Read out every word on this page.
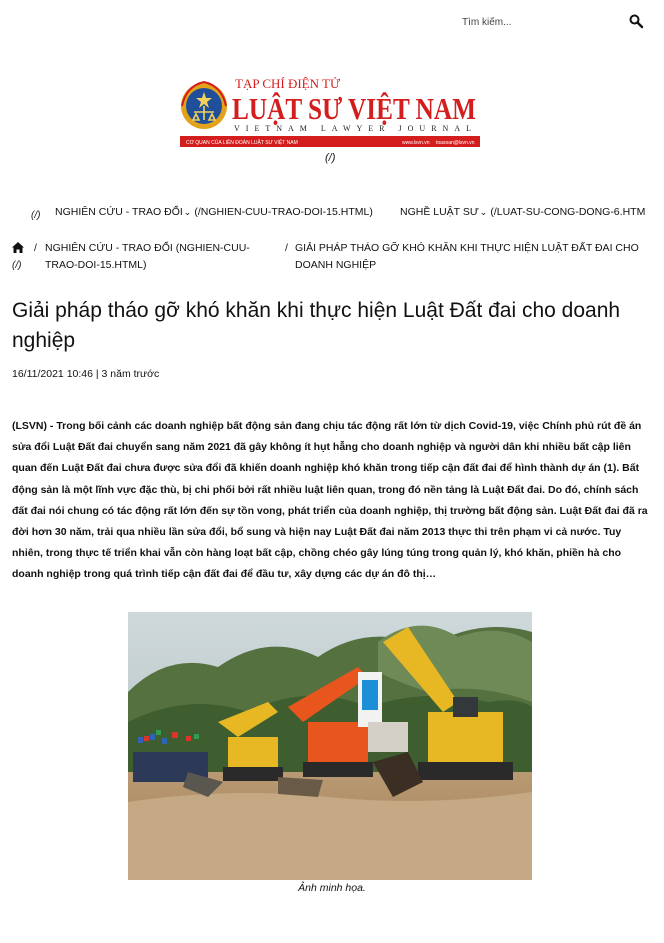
Tìm kiếm...
TẠP CHÍ ĐIỆN TỬ
LUẬT SƯ VIỆT NAM
VIETNAM LAWYER JOURNAL
CƠ QUAN CỦA LIÊN ĐOÀN LUẬT SƯ VIỆT NAM	www.lsvn.vn toasoan@lsvn.vn
(/)
(/) NGHIÊN CỨU - TRAO ĐỔI⌄ (/NGHIEN-CUU-TRAO-DOI-15.HTML)	NGHỀ LUẬT SƯ⌄ (/LUAT-SU-CONG-DONG-6.HTM
(/)
/ NGHIÊN CỨU - TRAO ĐỔI (NGHIEN-CUU-TRAO-DOI-15.HTML)
/ GIẢI PHÁP THÁO GỠ KHÓ KHĂN KHI THỰC HIỆN LUẬT ĐẤT ĐAI CHO DOANH NGHIỆP
Giải pháp tháo gỡ khó khăn khi thực hiện Luật Đất đai cho doanh nghiệp
16/11/2021 10:46 | 3 năm trước

(LSVN) - Trong bối cảnh các doanh nghiệp bất động sản đang chịu tác động rất lớn từ dịch Covid-19, việc Chính phủ rút đề án sửa đổi Luật Đất đai chuyển sang năm 2021 đã gây không ít hụt hẫng cho doanh nghiệp và người dân khi nhiều bất cập liên quan đến Luật Đất đai chưa được sửa đổi đã khiến doanh nghiệp khó khăn trong tiếp cận đất đai để hình thành dự án (1). Bất động sản là một lĩnh vực đặc thù, bị chi phối bởi rất nhiều luật liên quan, trong đó nền tảng là Luật Đất đai. Do đó, chính sách đất đai nói chung có tác động rất lớn đến sự tồn vong, phát triển của doanh nghiệp, thị trường bất động sản. Luật Đất đai đã ra đời hơn 30 năm, trải qua nhiều lần sửa đổi, bổ sung và hiện nay Luật Đất đai năm 2013 thực thi trên phạm vi cả nước. Tuy nhiên, trong thực tế triển khai vẫn còn hàng loạt bất cập, chồng chéo gây lúng túng trong quản lý, khó khăn, phiền hà cho doanh nghiệp trong quá trình tiếp cận đất đai để đầu tư, xây dựng các dự án đô thị…

Ảnh minh họa.
